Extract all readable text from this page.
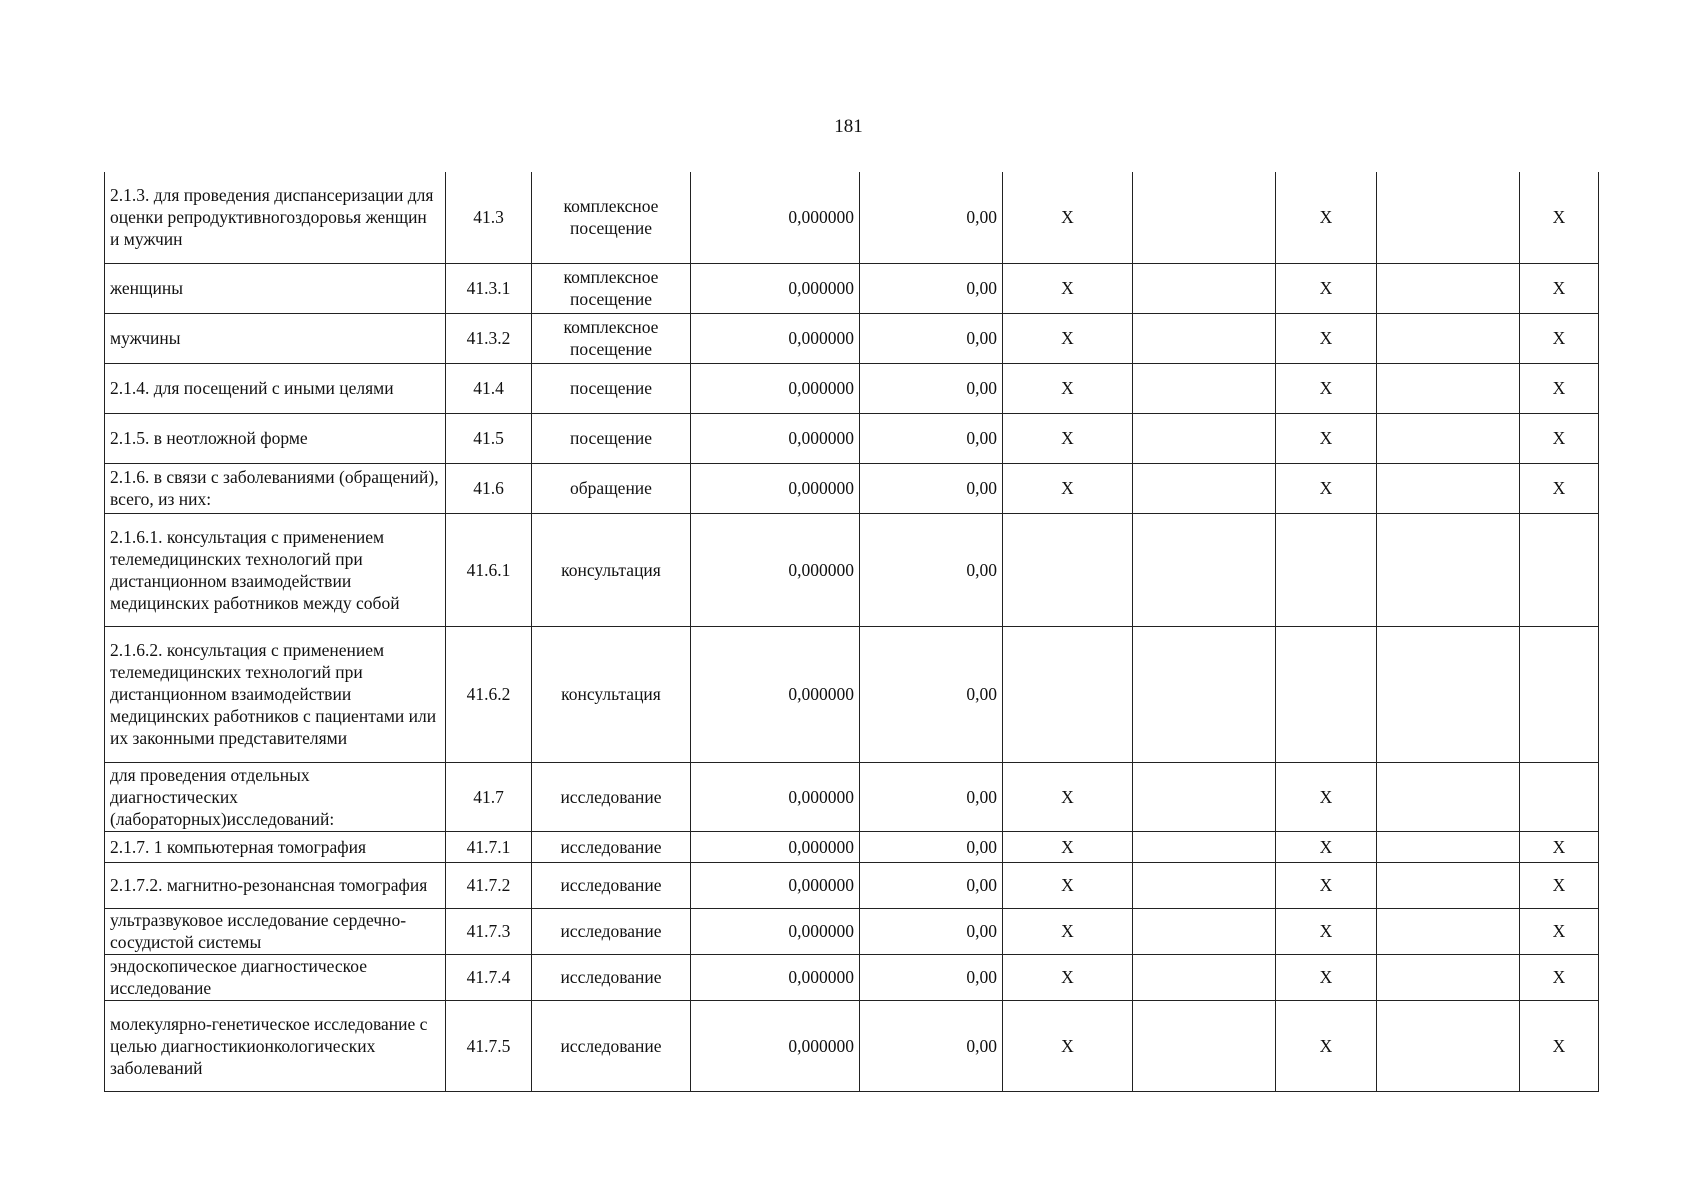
181
2.1.3. для проведения диспансеризации для оценки репродуктивногоздоровья женщин и мужчин	41.3	комплексное посещение	0,000000	0,00	Х		Х		Х
женщины	41.3.1	комплексное посещение	0,000000	0,00	Х		Х		Х
мужчины	41.3.2	комплексное посещение	0,000000	0,00	Х		Х		Х
2.1.4. для посещений с иными целями	41.4	посещение	0,000000	0,00	Х		Х		Х
2.1.5. в неотложной форме	41.5	посещение	0,000000	0,00	Х		Х		Х
2.1.6. в связи с заболеваниями (обращений), всего, из них:	41.6	обращение	0,000000	0,00	Х		Х		Х
2.1.6.1. консультация с применением телемедицинских технологий при дистанционном взаимодействии медицинских работников между собой	41.6.1	консультация	0,000000	0,00					
2.1.6.2. консультация с применением телемедицинских технологий при дистанционном взаимодействии медицинских работников с пациентами или их законными представителями	41.6.2	консультация	0,000000	0,00					
для проведения отдельных диагностических (лабораторных)исследований:	41.7	исследование	0,000000	0,00	Х		Х		
2.1.7. 1 компьютерная томография	41.7.1	исследование	0,000000	0,00	Х		Х		Х
2.1.7.2. магнитно-резонансная томография	41.7.2	исследование	0,000000	0,00	Х		Х		Х
ультразвуковое исследование сердечно-сосудистой системы	41.7.3	исследование	0,000000	0,00	Х		Х		Х
эндоскопическое диагностическое исследование	41.7.4	исследование	0,000000	0,00	Х		Х		Х
молекулярно-генетическое исследование с целью диагностикионкологических заболеваний	41.7.5	исследование	0,000000	0,00	Х		Х		Х
